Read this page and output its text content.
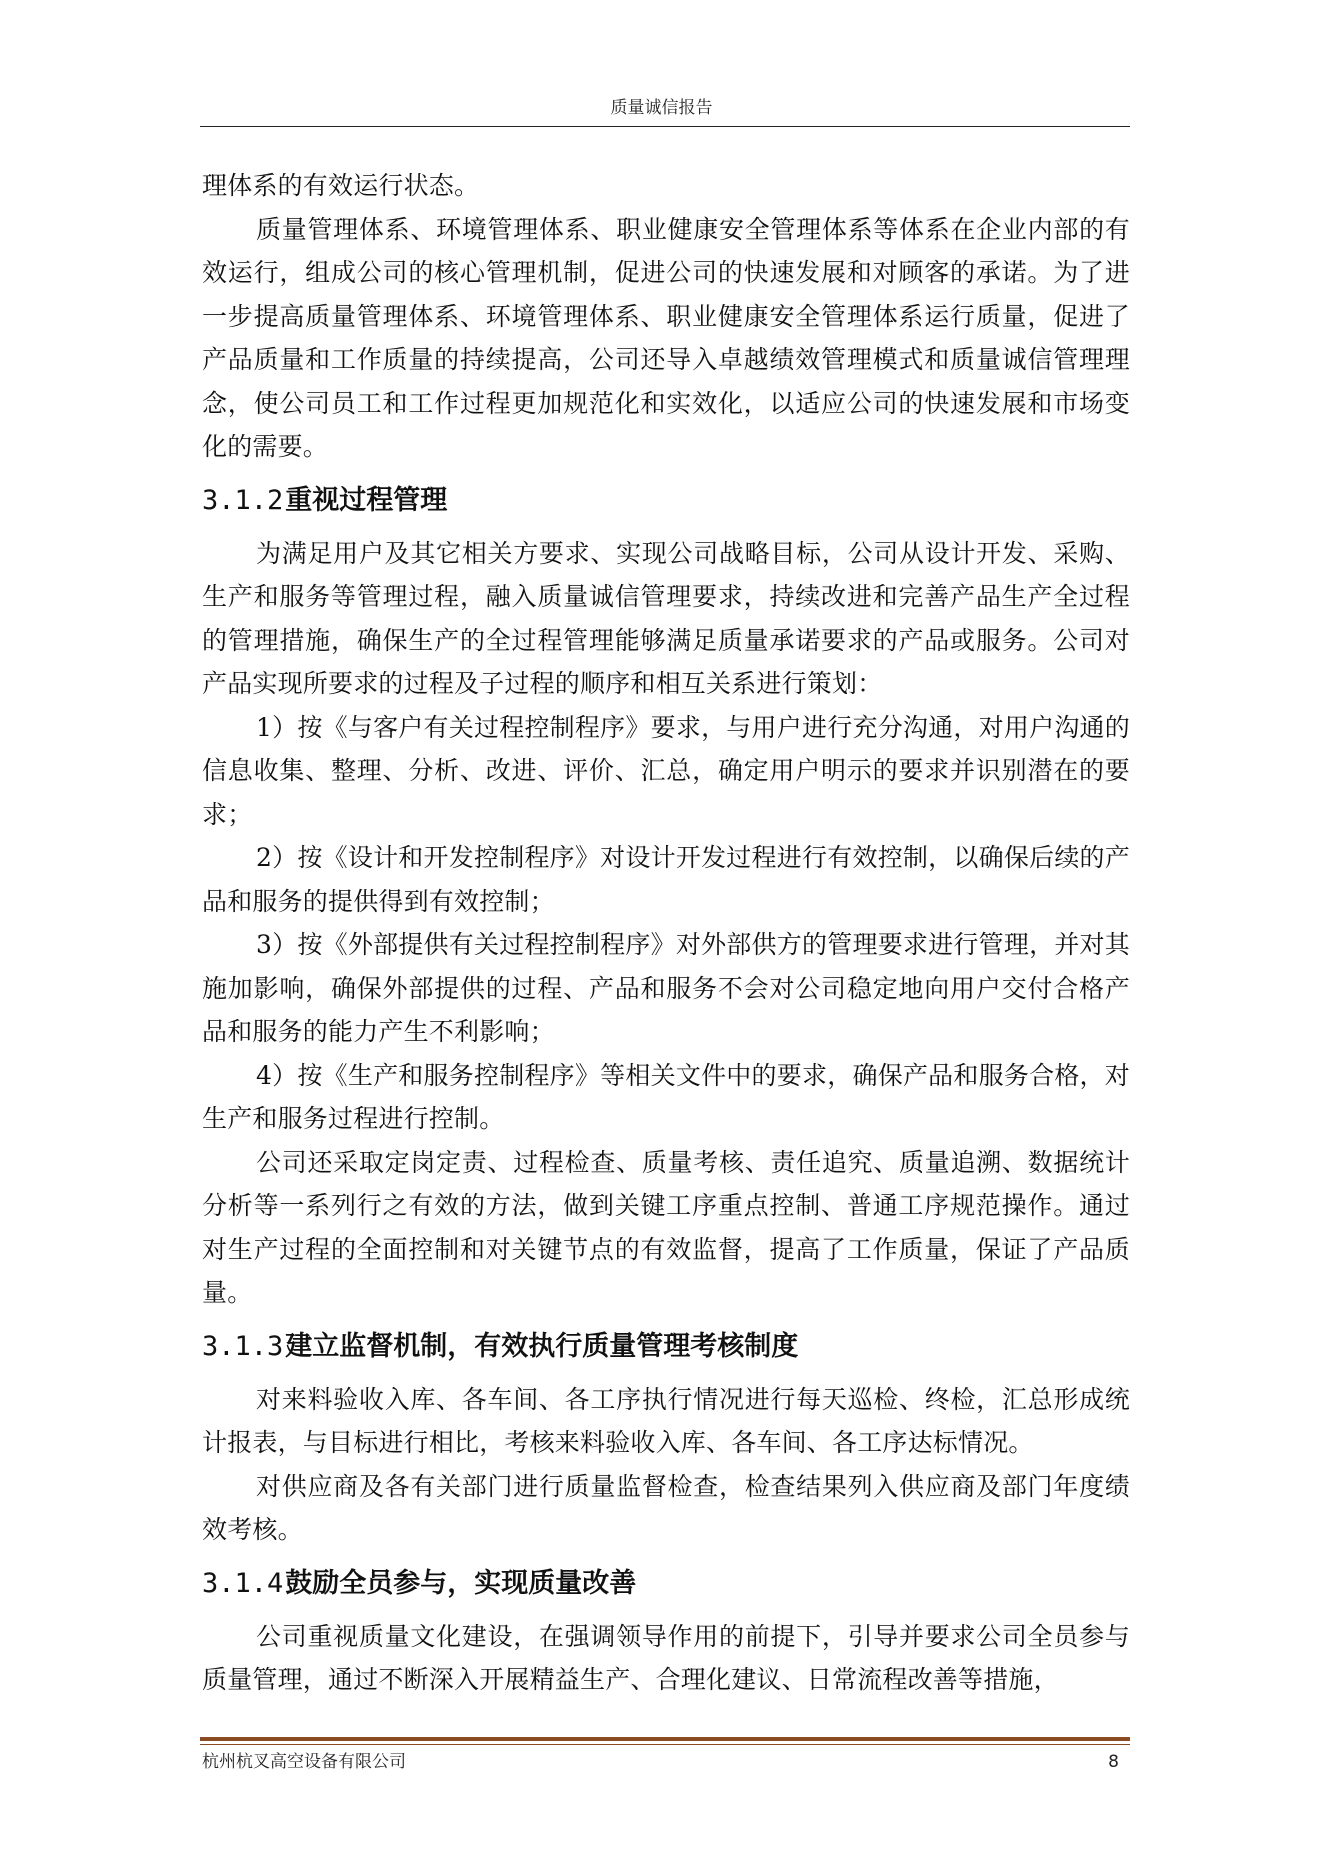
质量诚信报告

理体系的有效运行状态。

质量管理体系、环境管理体系、职业健康安全管理体系等体系在企业内部的有效运行，组成公司的核心管理机制，促进公司的快速发展和对顾客的承诺。为了进一步提高质量管理体系、环境管理体系、职业健康安全管理体系运行质量，促进了产品质量和工作质量的持续提高，公司还导入卓越绩效管理模式和质量诚信管理理念，使公司员工和工作过程更加规范化和实效化，以适应公司的快速发展和市场变化的需要。

3.1.2重视过程管理

为满足用户及其它相关方要求、实现公司战略目标，公司从设计开发、采购、生产和服务等管理过程，融入质量诚信管理要求，持续改进和完善产品生产全过程的管理措施，确保生产的全过程管理能够满足质量承诺要求的产品或服务。公司对产品实现所要求的过程及子过程的顺序和相互关系进行策划：

1）按《与客户有关过程控制程序》要求，与用户进行充分沟通，对用户沟通的信息收集、整理、分析、改进、评价、汇总，确定用户明示的要求并识别潜在的要求；

2）按《设计和开发控制程序》对设计开发过程进行有效控制，以确保后续的产品和服务的提供得到有效控制；

3）按《外部提供有关过程控制程序》对外部供方的管理要求进行管理，并对其施加影响，确保外部提供的过程、产品和服务不会对公司稳定地向用户交付合格产品和服务的能力产生不利影响；

4）按《生产和服务控制程序》等相关文件中的要求，确保产品和服务合格，对生产和服务过程进行控制。

公司还采取定岗定责、过程检查、质量考核、责任追究、质量追溯、数据统计分析等一系列行之有效的方法，做到关键工序重点控制、普通工序规范操作。通过对生产过程的全面控制和对关键节点的有效监督，提高了工作质量，保证了产品质量。

3.1.3建立监督机制，有效执行质量管理考核制度

对来料验收入库、各车间、各工序执行情况进行每天巡检、终检，汇总形成统计报表，与目标进行相比，考核来料验收入库、各车间、各工序达标情况。

对供应商及各有关部门进行质量监督检查，检查结果列入供应商及部门年度绩效考核。

3.1.4鼓励全员参与，实现质量改善

公司重视质量文化建设，在强调领导作用的前提下，引导并要求公司全员参与质量管理，通过不断深入开展精益生产、合理化建议、日常流程改善等措施，

杭州杭叉高空设备有限公司	8
